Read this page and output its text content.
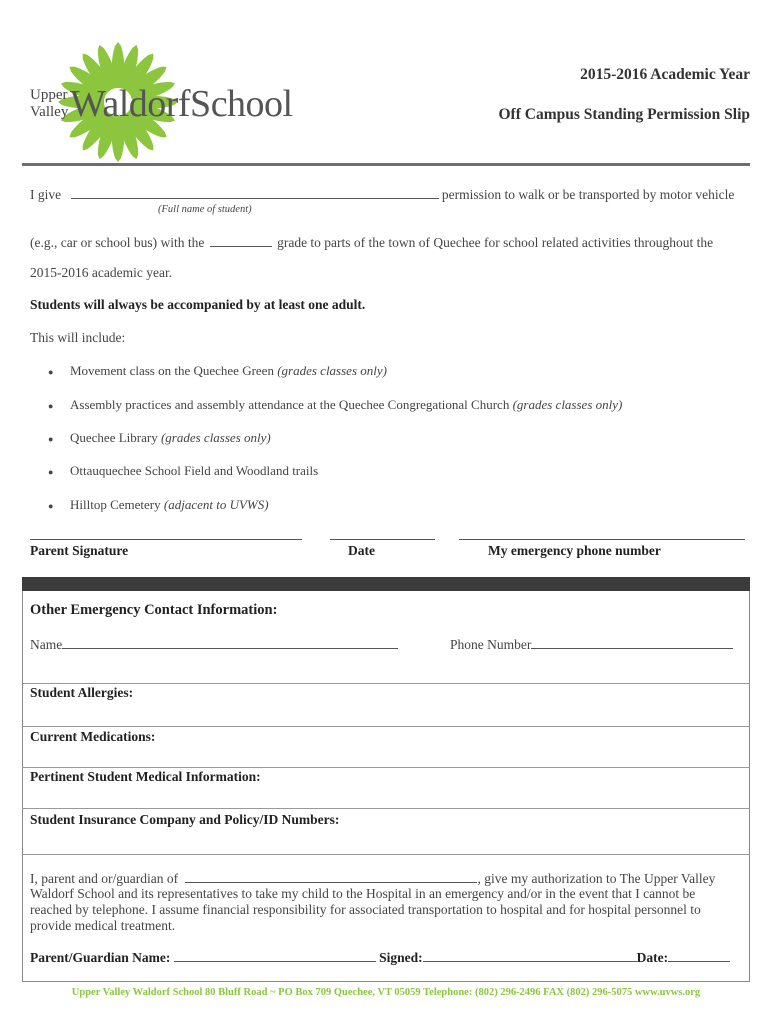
Upper
Valley WaldorfSchool
2015-2016 Academic Year
Off Campus Standing Permission Slip
I give	permission to walk or be transported by motor vehicle
(Full name of student)
(e.g., car or school bus) with the	grade to parts of the town of Quechee for school related activities throughout the
2015-2016 academic year.
Students will always be accompanied by at least one adult.
This will include:
● Movement class on the Quechee Green (grades classes only)
● Assembly practices and assembly attendance at the Quechee Congregational Church (grades classes only)
● Quechee Library (grades classes only)
● Ottauquechee School Field and Woodland trails
● Hilltop Cemetery (adjacent to UVWS)
Parent Signature	Date	My emergency phone number
Other Emergency Contact Information:
Name	Phone Number
Student Allergies:
Current Medications:
Pertinent Student Medical Information:
Student Insurance Company and Policy/ID Numbers:
I, parent and or/guardian of	, give my authorization to The Upper Valley
Waldorf School and its representatives to take my child to the Hospital in an emergency and/or in the event that I cannot be
reached by telephone. I assume financial responsibility for associated transportation to hospital and for hospital personnel to
provide medical treatment.
Parent/Guardian Name:	Signed:	Date:
Upper Valley Waldorf School 80 Bluff Road ~ PO Box 709 Quechee, VT 05059 Telephone: (802) 296-2496 FAX (802) 296-5075 www.uvws.org
